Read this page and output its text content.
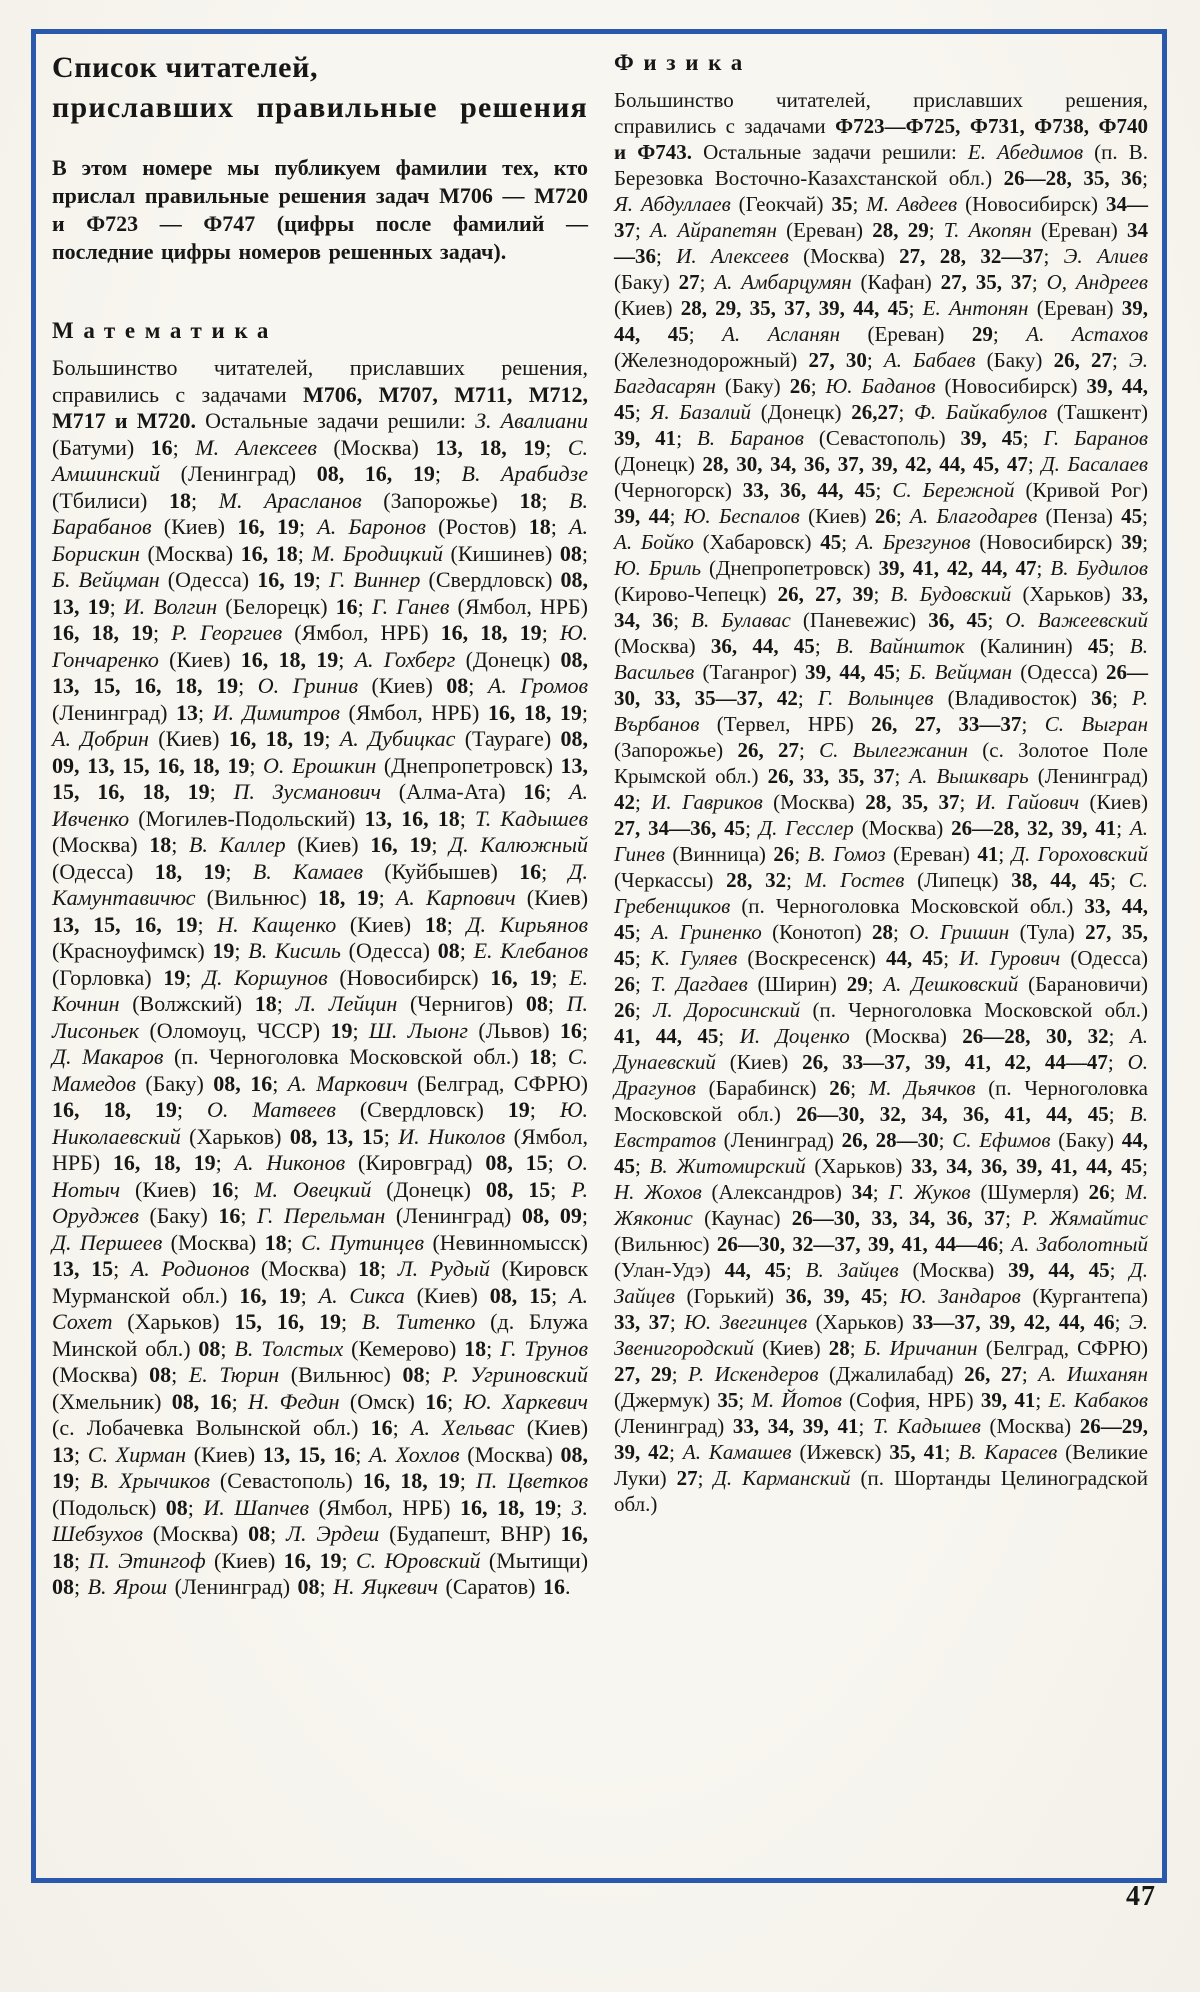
Список читателей,
приславших правильные решения

В этом номере мы публикуем фамилии тех, кто прислал правильные решения задач М706 — М720 и Ф723 — Ф747 (цифры после фамилий — последние цифры номеров решенных задач).

Математика

Большинство читателей, приславших решения, справились с задачами М706, М707, М711, М712, М717 и М720. Остальные задачи решили: З. Авалиани (Батуми) 16; М. Алексеев (Москва) 13, 18, 19; С. Амшинский (Ленинград) 08, 16, 19; В. Арабидзе (Тбилиси) 18; М. Арасланов (Запорожье) 18; В. Барабанов (Киев) 16, 19; А. Баронов (Ростов) 18; А. Борискин (Москва) 16, 18; М. Бродицкий (Кишинев) 08; Б. Вейцман (Одесса) 16, 19; Г. Виннер (Свердловск) 08, 13, 19; И. Волгин (Белорецк) 16; Г. Ганев (Ямбол, НРБ) 16, 18, 19; Р. Георгиев (Ямбол, НРБ) 16, 18, 19; Ю. Гончаренко (Киев) 16, 18, 19; А. Гохберг (Донецк) 08, 13, 15, 16, 18, 19; О. Гринив (Киев) 08; А. Громов (Ленинград) 13; И. Димитров (Ямбол, НРБ) 16, 18, 19; А. Добрин (Киев) 16, 18, 19; А. Дубицкас (Таураге) 08, 09, 13, 15, 16, 18, 19; О. Ерошкин (Днепропетровск) 13, 15, 16, 18, 19; П. Зусманович (Алма-Ата) 16; А. Ивченко (Могилев-Подольский) 13, 16, 18; Т. Кадышев (Москва) 18; В. Каллер (Киев) 16, 19; Д. Калюжный (Одесса) 18, 19; В. Камаев (Куйбышев) 16; Д. Камунтавичюс (Вильнюс) 18, 19; А. Карпович (Киев) 13, 15, 16, 19; Н. Кащенко (Киев) 18; Д. Кирьянов (Красноуфимск) 19; В. Кисиль (Одесса) 08; Е. Клебанов (Горловка) 19; Д. Коршунов (Новосибирск) 16, 19; Е. Кочнин (Волжский) 18; Л. Лейцин (Чернигов) 08; П. Лисоньек (Оломоуц, ЧССР) 19; Ш. Лыонг (Львов) 16; Д. Макаров (п. Черноголовка Московской обл.) 18; С. Мамедов (Баку) 08, 16; А. Маркович (Белград, СФРЮ) 16, 18, 19; О. Матвеев (Свердловск) 19; Ю. Николаевский (Харьков) 08, 13, 15; И. Николов (Ямбол, НРБ) 16, 18, 19; А. Никонов (Кировград) 08, 15; О. Нотыч (Киев) 16; М. Овецкий (Донецк) 08, 15; Р. Оруджев (Баку) 16; Г. Перельман (Ленинград) 08, 09; Д. Першеев (Москва) 18; С. Путинцев (Невинномысск) 13, 15; А. Родионов (Москва) 18; Л. Рудый (Кировск Мурманской обл.) 16, 19; А. Сикса (Киев) 08, 15; А. Сохет (Харьков) 15, 16, 19; В. Титенко (д. Блужа Минской обл.) 08; В. Толстых (Кемерово) 18; Г. Трунов (Москва) 08; Е. Тюрин (Вильнюс) 08; Р. Угриновский (Хмельник) 08, 16; Н. Федин (Омск) 16; Ю. Харкевич (с. Лобачевка Волынской обл.) 16; А. Хельвас (Киев) 13; С. Хирман (Киев) 13, 15, 16; А. Хохлов (Москва) 08, 19; В. Хрычиков (Севастополь) 16, 18, 19; П. Цветков (Подольск) 08; И. Шапчев (Ямбол, НРБ) 16, 18, 19; З. Шебзухов (Москва) 08; Л. Эрдеш (Будапешт, ВНР) 16, 18; П. Этингоф (Киев) 16, 19; С. Юровский (Мытищи) 08; В. Ярош (Ленинград) 08; Н. Яцкевич (Саратов) 16.

Физика

Большинство читателей, приславших решения, справились с задачами Ф723—Ф725, Ф731, Ф738, Ф740 и Ф743. Остальные задачи решили: Е. Абедимов (п. В. Березовка Восточно-Казахстанской обл.) 26—28, 35, 36; Я. Абдуллаев (Геокчай) 35; М. Авдеев (Новосибирск) 34—37; А. Айрапетян (Ереван) 28, 29; Т. Акопян (Ереван) 34—36; И. Алексеев (Москва) 27, 28, 32—37; Э. Алиев (Баку) 27; А. Амбарцумян (Кафан) 27, 35, 37; О, Андреев (Киев) 28, 29, 35, 37, 39, 44, 45; Е. Антонян (Ереван) 39, 44, 45; А. Асланян (Ереван) 29; А. Астахов (Железнодорожный) 27, 30; А. Бабаев (Баку) 26, 27; Э. Багдасарян (Баку) 26; Ю. Баданов (Новосибирск) 39, 44, 45; Я. Базалий (Донецк) 26,27; Ф. Байкабулов (Ташкент) 39, 41; В. Баранов (Севастополь) 39, 45; Г. Баранов (Донецк) 28, 30, 34, 36, 37, 39, 42, 44, 45, 47; Д. Басалаев (Черногорск) 33, 36, 44, 45; С. Бережной (Кривой Рог) 39, 44; Ю. Беспалов (Киев) 26; А. Благодарев (Пенза) 45; А. Бойко (Хабаровск) 45; А. Брезгунов (Новосибирск) 39; Ю. Бриль (Днепропетровск) 39, 41, 42, 44, 47; В. Будилов (Кирово-Чепецк) 26, 27, 39; В. Будовский (Харьков) 33, 34, 36; В. Булавас (Паневежис) 36, 45; О. Важеевский (Москва) 36, 44, 45; В. Вайншток (Калинин) 45; В. Васильев (Таганрог) 39, 44, 45; Б. Вейцман (Одесса) 26—30, 33, 35—37, 42; Г. Волынцев (Владивосток) 36; Р. Върбанов (Тервел, НРБ) 26, 27, 33—37; С. Выгран (Запорожье) 26, 27; С. Вылегжанин (с. Золотое Поле Крымской обл.) 26, 33, 35, 37; А. Вышкварь (Ленинград) 42; И. Гавриков (Москва) 28, 35, 37; И. Гайович (Киев) 27, 34—36, 45; Д. Гесслер (Москва) 26—28, 32, 39, 41; А. Гинев (Винница) 26; В. Гомоз (Ереван) 41; Д. Гороховский (Черкассы) 28, 32; М. Гостев (Липецк) 38, 44, 45; С. Гребенщиков (п. Черноголовка Московской обл.) 33, 44, 45; А. Гриненко (Конотоп) 28; О. Гришин (Тула) 27, 35, 45; К. Гуляев (Воскресенск) 44, 45; И. Гурович (Одесса) 26; Т. Дагдаев (Ширин) 29; А. Дешковский (Барановичи) 26; Л. Доросинский (п. Черноголовка Московской обл.) 41, 44, 45; И. Доценко (Москва) 26—28, 30, 32; А. Дунаевский (Киев) 26, 33—37, 39, 41, 42, 44—47; О. Драгунов (Барабинск) 26; М. Дьячков (п. Черноголовка Московской обл.) 26—30, 32, 34, 36, 41, 44, 45; В. Евстратов (Ленинград) 26, 28—30; С. Ефимов (Баку) 44, 45; В. Житомирский (Харьков) 33, 34, 36, 39, 41, 44, 45; Н. Жохов (Александров) 34; Г. Жуков (Шумерля) 26; М. Жяконис (Каунас) 26—30, 33, 34, 36, 37; Р. Жямайтис (Вильнюс) 26—30, 32—37, 39, 41, 44—46; А. Заболотный (Улан-Удэ) 44, 45; В. Зайцев (Москва) 39, 44, 45; Д. Зайцев (Горький) 36, 39, 45; Ю. Зандаров (Кургантепа) 33, 37; Ю. Звегинцев (Харьков) 33—37, 39, 42, 44, 46; Э. Звенигородский (Киев) 28; Б. Иричанин (Белград, СФРЮ) 27, 29; Р. Искендеров (Джалилабад) 26, 27; А. Ишханян (Джермук) 35; М. Йотов (София, НРБ) 39, 41; Е. Кабаков (Ленинград) 33, 34, 39, 41; Т. Кадышев (Москва) 26—29, 39, 42; А. Камашев (Ижевск) 35, 41; В. Карасев (Великие Луки) 27; Д. Карманский (п. Шортанды Целиноградской обл.)

47
